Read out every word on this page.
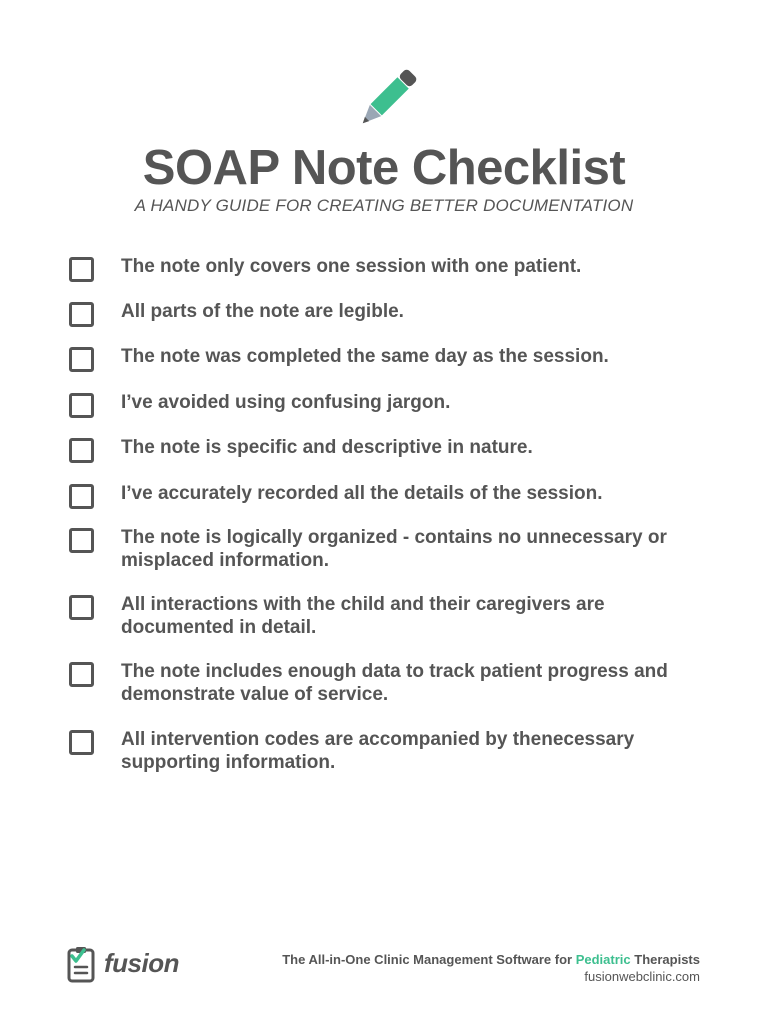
SOAP Note Checklist

A HANDY GUIDE FOR CREATING BETTER DOCUMENTATION

The note only covers one session with one patient.
All parts of the note are legible.
The note was completed the same day as the session.
I’ve avoided using confusing jargon.
The note is specific and descriptive in nature.
I’ve accurately recorded all the details of the session.
The note is logically organized - contains no unnecessary or misplaced information.
All interactions with the child and their caregivers are documented in detail.
The note includes enough data to track patient progress and demonstrate value of service.
All intervention codes are accompanied by thenecessary supporting information.
fusion	The All-in-One Clinic Management Software for Pediatric Therapists
fusionwebclinic.com
